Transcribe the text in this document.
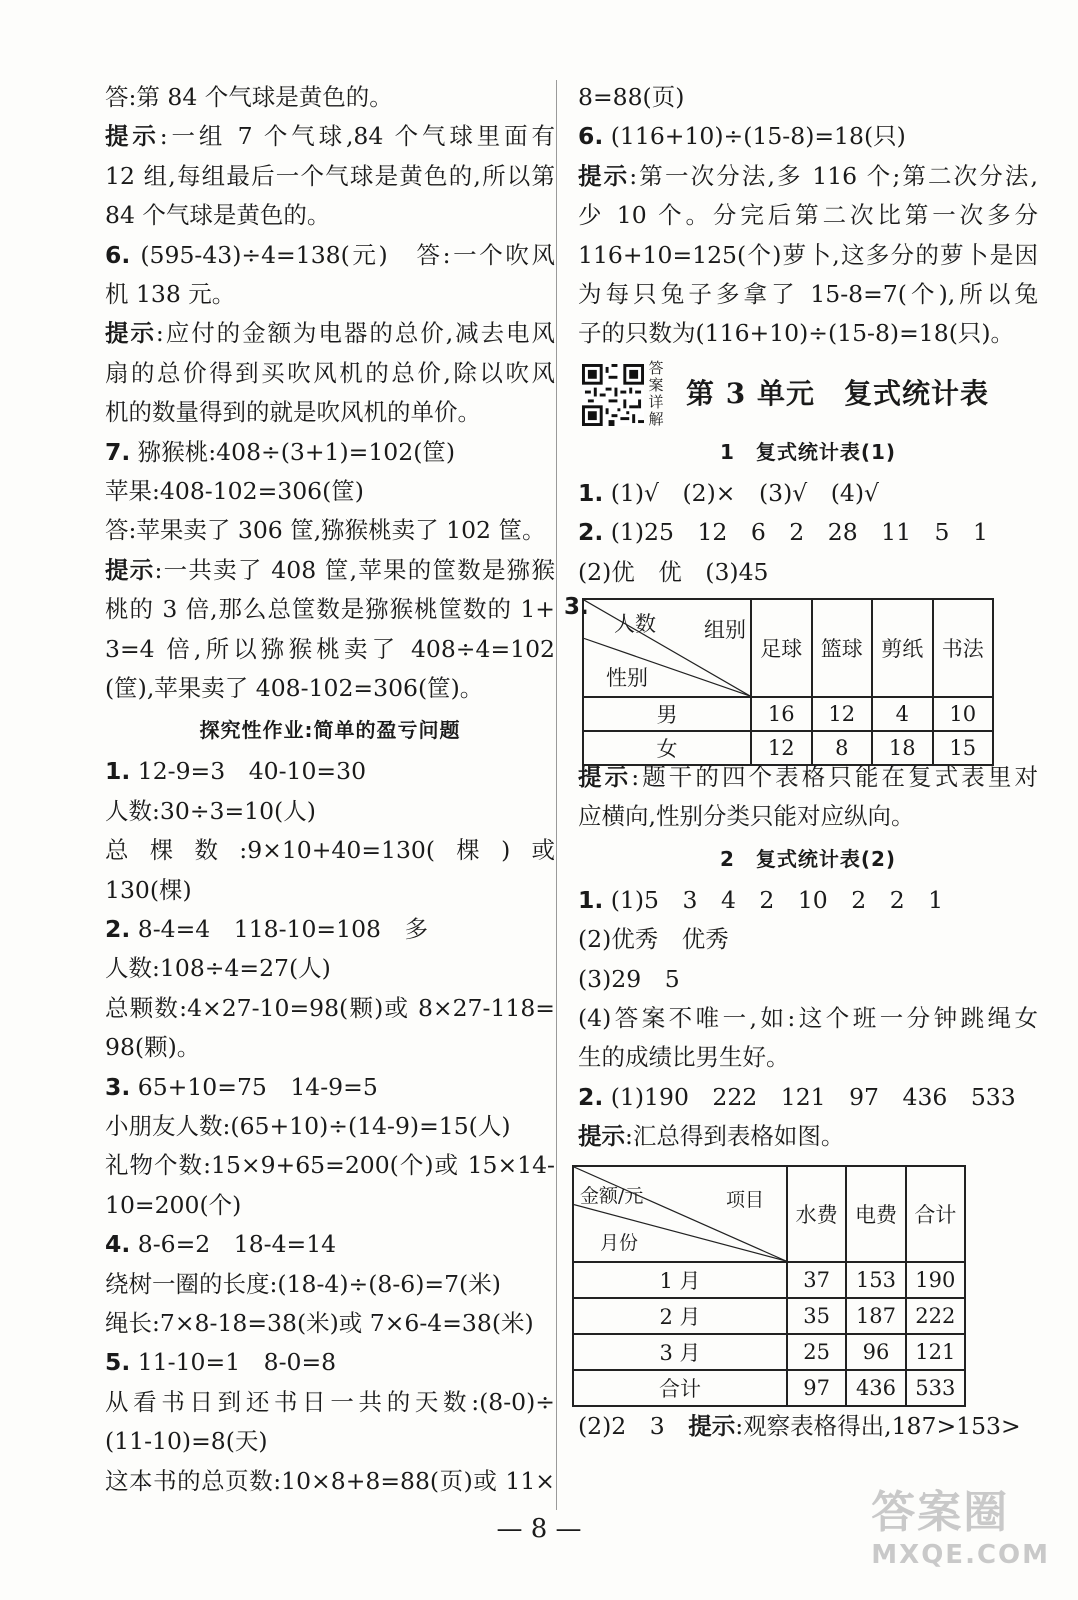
答:第 84 个气球是黄色的。
提示:一组 7 个气球,84 个气球里面有
12 组,每组最后一个气球是黄色的,所以第
84 个气球是黄色的。
6. (595-43)÷4=138(元)　答:一个吹风
机 138 元。
提示:应付的金额为电器的总价,减去电风
扇的总价得到买吹风机的总价,除以吹风
机的数量得到的就是吹风机的单价。
7. 猕猴桃:408÷(3+1)=102(筐)
苹果:408-102=306(筐)
答:苹果卖了 306 筐,猕猴桃卖了 102 筐。
提示:一共卖了 408 筐,苹果的筐数是猕猴
桃的 3 倍,那么总筐数是猕猴桃筐数的 1+
3=4 倍,所以猕猴桃卖了 408÷4=102
(筐),苹果卖了 408-102=306(筐)。
探究性作业:简单的盈亏问题
1. 12-9=3　40-10=30
人数:30÷3=10(人)
总棵数:9×10+40=130(棵)或
130(棵)
2. 8-4=4　118-10=108　多
人数:108÷4=27(人)
总颗数:4×27-10=98(颗)或 8×27-118=
98(颗)。
3. 65+10=75　14-9=5
小朋友人数:(65+10)÷(14-9)=15(人)
礼物个数:15×9+65=200(个)或 15×14-
10=200(个)
4. 8-6=2　18-4=14
绕树一圈的长度:(18-4)÷(8-6)=7(米)
绳长:7×8-18=38(米)或 7×6-4=38(米)
5. 11-10=1　8-0=8
从看书日到还书日一共的天数:(8-0)÷
(11-10)=8(天)
这本书的总页数:10×8+8=88(页)或 11×
8=88(页)
6. (116+10)÷(15-8)=18(只)
提示:第一次分法,多 116 个;第二次分法,
少 10 个。分完后第二次比第一次多分
116+10=125(个)萝卜,这多分的萝卜是因
为每只兔子多拿了 15-8=7(个),所以兔
子的只数为(116+10)÷(15-8)=18(只)。
答案详解
第 3 单元　复式统计表
1　复式统计表(1)
1. (1)√　(2)×　(3)√　(4)√
2. (1)25　12　6　2　28　11　5　1
(2)优　优　(3)45
3.
人数 组别
性别	足球	篮球	剪纸	书法
男	16	12	4	10
女	12	8	18	15
提示:题干的四个表格只能在复式表里对
应横向,性别分类只能对应纵向。
2　复式统计表(2)
1. (1)5　3　4　2　10　2　2　1
(2)优秀　优秀
(3)29　5
(4)答案不唯一,如:这个班一分钟跳绳女
生的成绩比男生好。
2. (1)190　222　121　97　436　533
提示:汇总得到表格如图。
金额/元 项目
月份	水费	电费	合计
1 月	37	153	190
2 月	35	187	222
3 月	25	96	121
合计	97	436	533
(2)2　3　提示:观察表格得出,187>153>
— 8 —	答案圈
MXQE.COM
